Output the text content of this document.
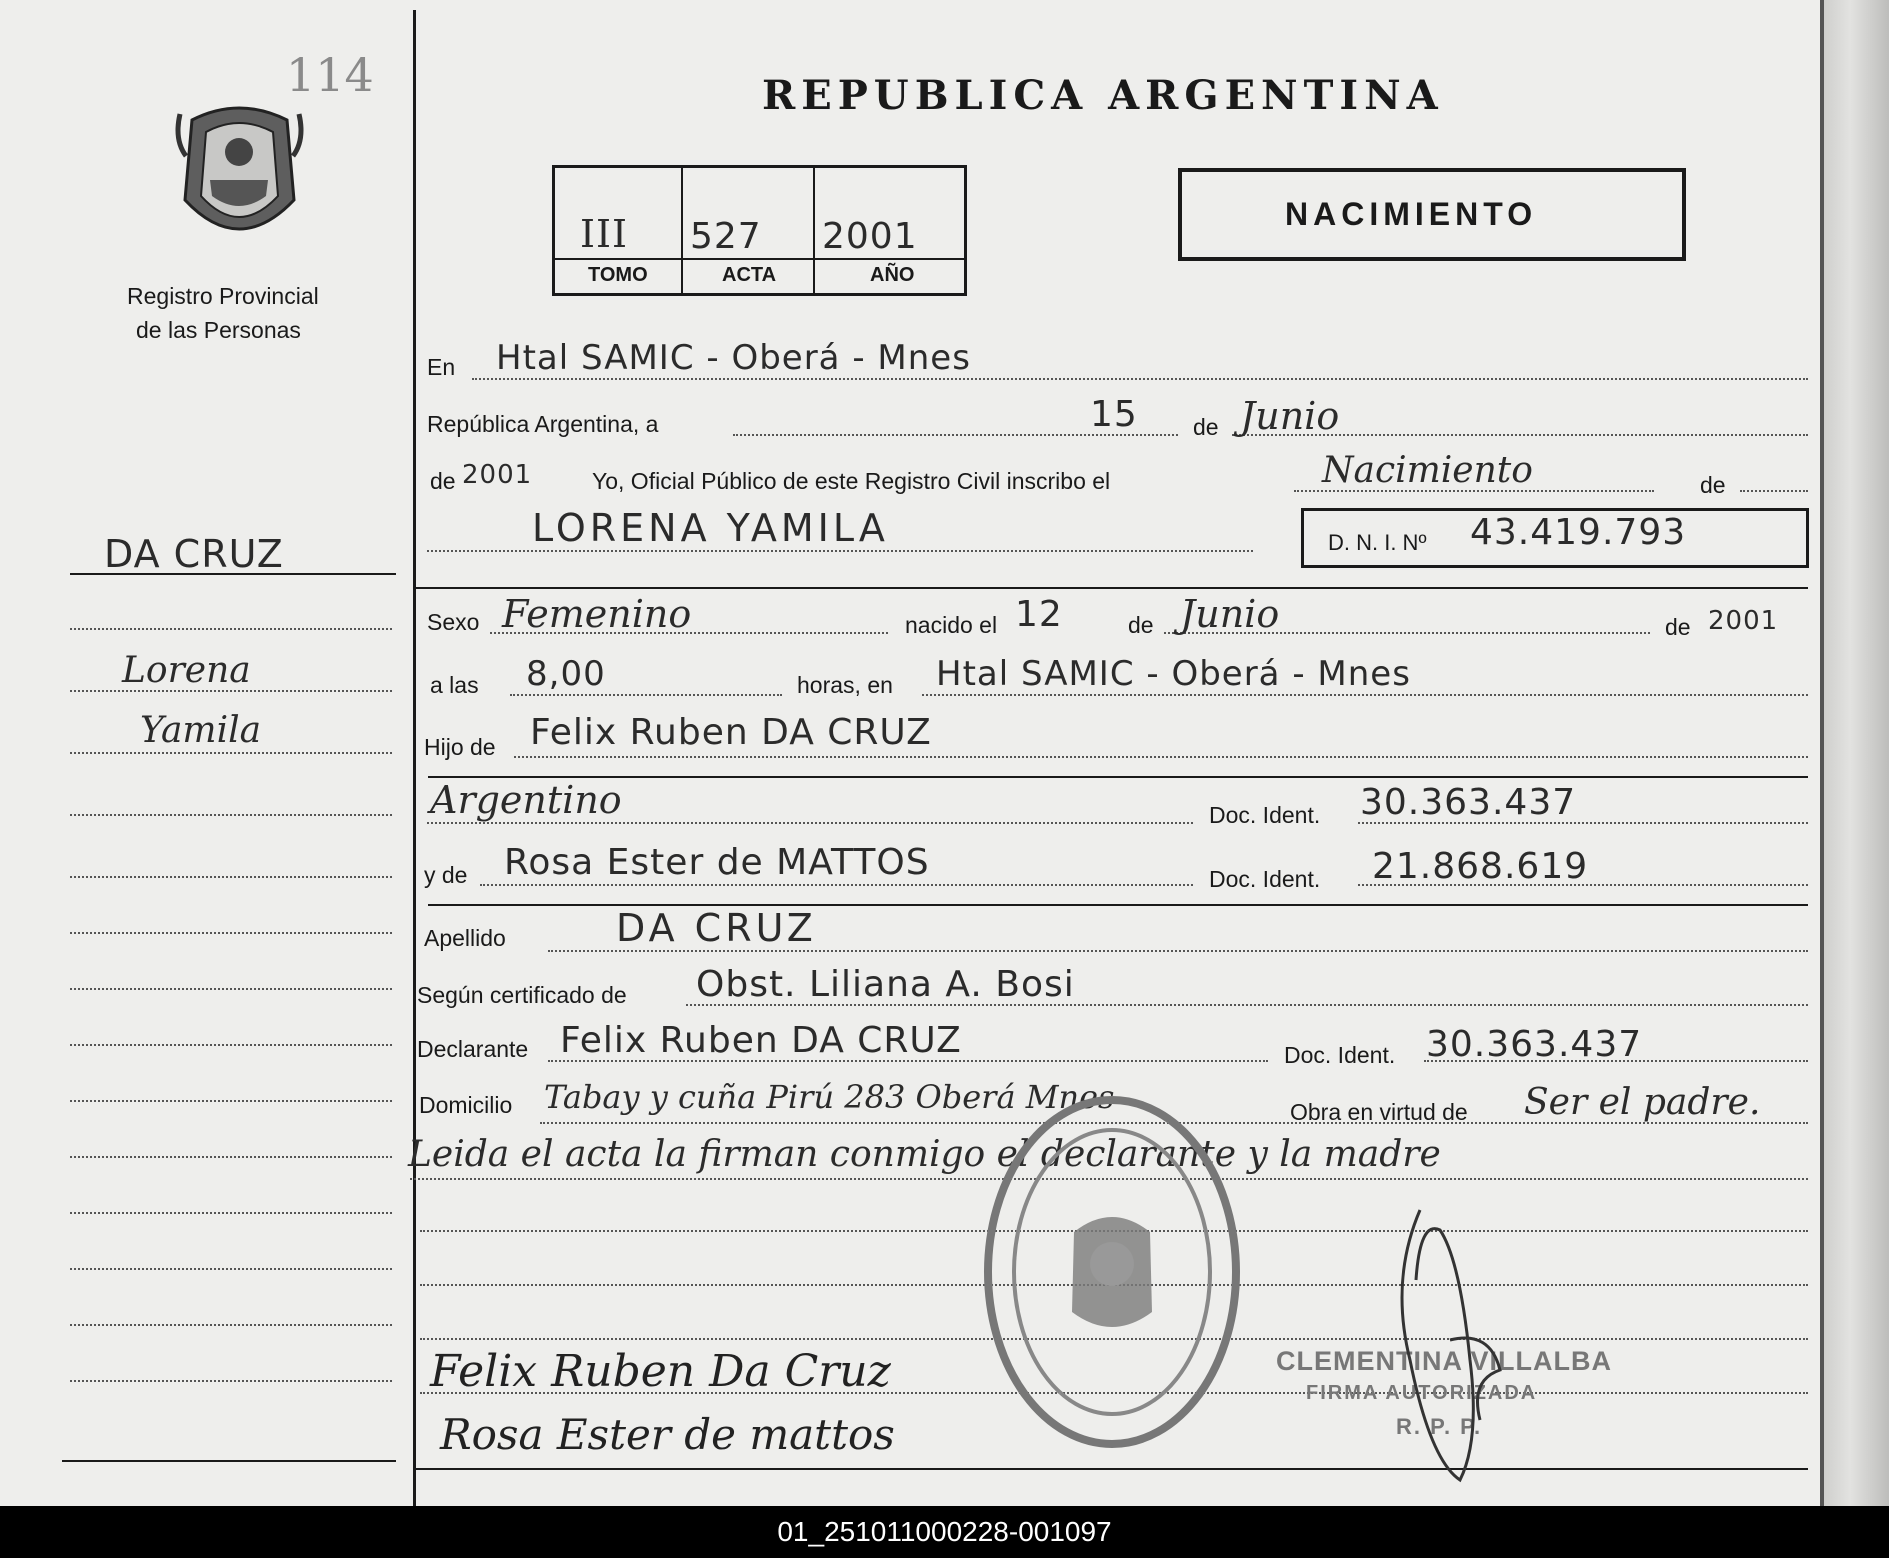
114
Registro Provincial
de las Personas
DA CRUZ
Lorena
Yamila
REPUBLICA ARGENTINA
III 527 2001
TOMO	ACTA	AÑO
NACIMIENTO
En Htal SAMIC - Oberá - Mnes
República Argentina, a	15 de Junio
de 2001	Yo, Oficial Público de este Registro Civil inscribo el	Nacimiento	de
LORENA YAMILA	D. N. I. Nº 43.419.793
Sexo Femenino	nacido el 12	de Junio	de 2001
a las 8,00	horas, en Htal SAMIC - Oberá - Mnes
Hijo de Felix Ruben DA CRUZ
Argentino	Doc. Ident. 30.363.437
y de Rosa Ester de MATTOS	Doc. Ident. 21.868.619
Apellido	DA CRUZ
Según certificado de Obst. Liliana A. Bosi
Declarante Felix Ruben DA CRUZ	Doc. Ident. 30.363.437
Domicilio Tabay y cuña Pirú 283 Oberá Mnes	Obra en virtud de Ser el padre.
Leida el acta la firman conmigo el declarante y la madre
Felix Ruben Da Cruz
Rosa Ester de mattos
CLEMENTINA VILLALBA
FIRMA AUTORIZADA
R. P. P.
01_251011000228-001097
